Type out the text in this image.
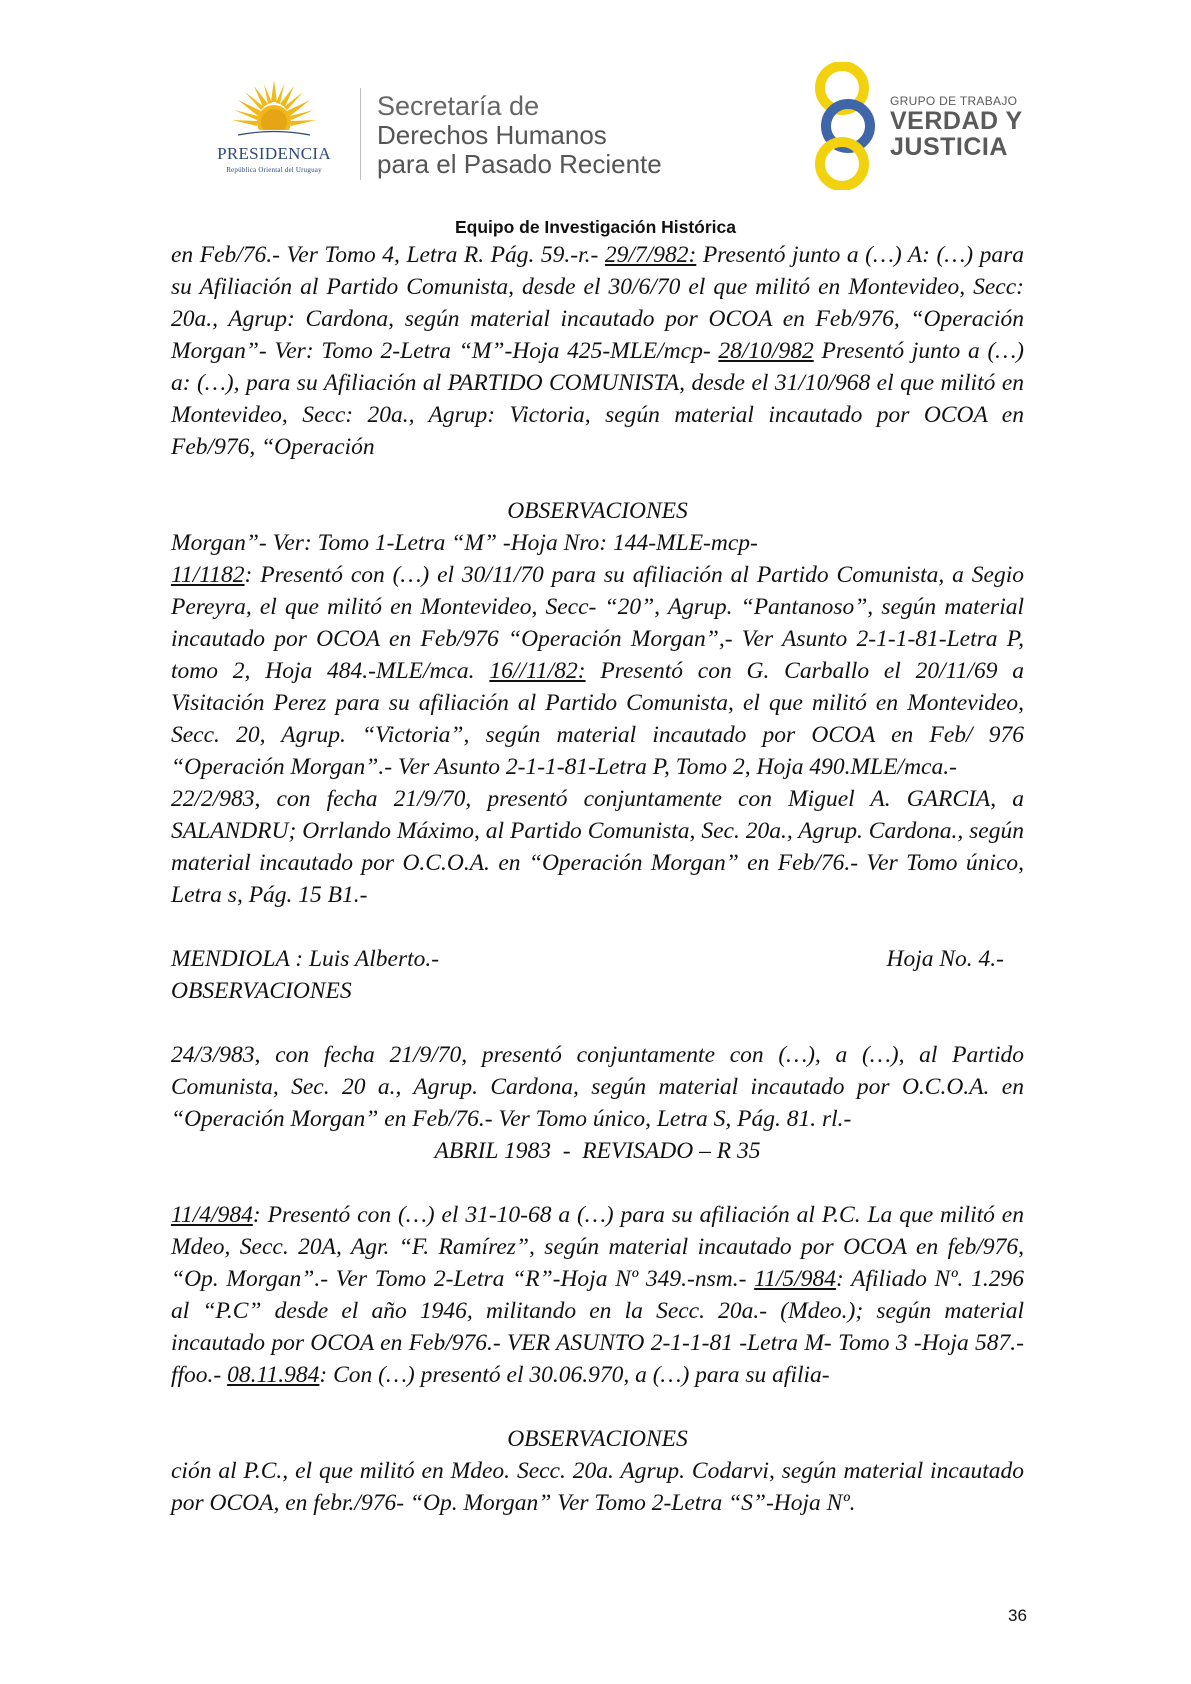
PRESIDENCIA
República Oriental del Uruguay
Secretaría de
Derechos Humanos
para el Pasado Reciente
GRUPO DE TRABAJO
VERDAD Y
JUSTICIA
Equipo de Investigación Histórica

en Feb/76.- Ver Tomo 4, Letra R. Pág. 59.-r.- 29/7/982: Presentó junto a (…) A: (…) para su Afiliación al Partido Comunista, desde el 30/6/70 el que militó en Montevideo, Secc: 20a., Agrup: Cardona, según material incautado por OCOA en Feb/976, “Operación Morgan”- Ver: Tomo 2-Letra “M”-Hoja 425-MLE/mcp- 28/10/982 Presentó junto a (…) a: (…), para su Afiliación al PARTIDO COMUNISTA, desde el 31/10/968 el que militó en Montevideo, Secc: 20a., Agrup: Victoria, según material incautado por OCOA en Feb/976, “Operación

OBSERVACIONES

Morgan”- Ver: Tomo 1-Letra “M” -Hoja Nro: 144-MLE-mcp-

11/1182: Presentó con (…) el 30/11/70 para su afiliación al Partido Comunista, a Segio Pereyra, el que militó en Montevideo, Secc- “20”, Agrup. “Pantanoso”, según material incautado por OCOA en Feb/976 “Operación Morgan”,- Ver Asunto 2-1-1-81-Letra P, tomo 2, Hoja 484.-MLE/mca. 16//11/82: Presentó con G. Carballo el 20/11/69 a Visitación Perez para su afiliación al Partido Comunista, el que militó en Montevideo, Secc. 20, Agrup. “Victoria”, según material incautado por OCOA en Feb/ 976 “Operación Morgan”.- Ver Asunto 2-1-1-81-Letra P, Tomo 2, Hoja 490.MLE/mca.-

22/2/983, con fecha 21/9/70, presentó conjuntamente con Miguel A. GARCIA, a SALANDRU; Orrlando Máximo, al Partido Comunista, Sec. 20a., Agrup. Cardona., según material incautado por O.C.O.A. en “Operación Morgan” en Feb/76.- Ver Tomo único, Letra s, Pág. 15 B1.-

MENDIOLA : Luis Alberto.-	Hoja No. 4.-

OBSERVACIONES

24/3/983, con fecha 21/9/70, presentó conjuntamente con (…), a (…), al Partido Comunista, Sec. 20 a., Agrup. Cardona, según material incautado por O.C.O.A. en “Operación Morgan” en Feb/76.- Ver Tomo único, Letra S, Pág. 81. rl.-

ABRIL 1983  -  REVISADO – R 35

11/4/984: Presentó con (…) el 31-10-68 a (…) para su afiliación al P.C. La que militó en Mdeo, Secc. 20A, Agr. “F. Ramírez”, según material incautado por OCOA en feb/976, “Op. Morgan”.- Ver Tomo 2-Letra “R”-Hoja Nº 349.-nsm.- 11/5/984: Afiliado Nº. 1.296 al “P.C” desde el año 1946, militando en la Secc. 20a.- (Mdeo.); según material incautado por OCOA en Feb/976.- VER ASUNTO 2-1-1-81 -Letra M- Tomo 3 -Hoja 587.- ffoo.- 08.11.984: Con (…) presentó el 30.06.970, a (…) para su afilia-

OBSERVACIONES

ción al P.C., el que militó en Mdeo. Secc. 20a. Agrup. Codarvi, según material incautado por OCOA, en febr./976- “Op. Morgan” Ver Tomo 2-Letra “S”-Hoja Nº.

36
